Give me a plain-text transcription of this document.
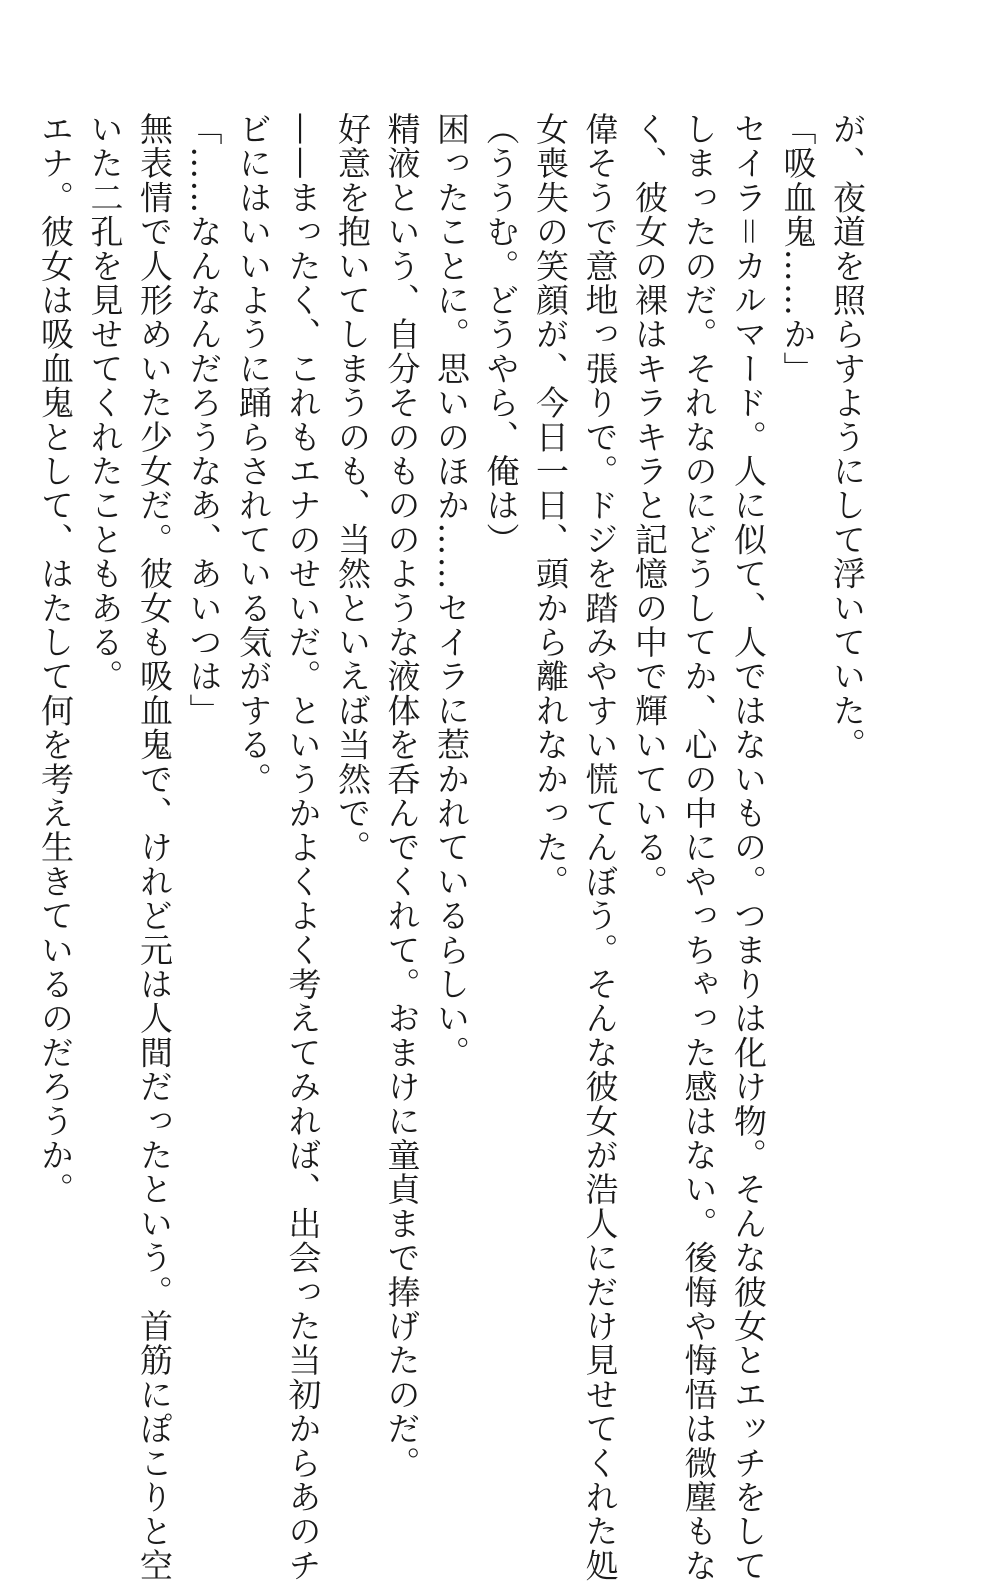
が、夜道を照らすようにして浮いていた。

「吸血鬼……か」

セイラ＝カルマード。人に似て、人ではないもの。つまりは化け物。そんな彼女とエッチをして

しまったのだ。それなのにどうしてか、心の中にやっちゃった感はない。後悔や悔悟は微塵もな

く、彼女の裸はキラキラと記憶の中で輝いている。

偉そうで意地っ張りで。ドジを踏みやすい慌てんぼう。そんな彼女が浩人にだけ見せてくれた処

女喪失の笑顔が、今日一日、頭から離れなかった。

（ううむ。どうやら、俺は）

困ったことに。思いのほか……セイラに惹かれているらしい。

精液という、自分そのもののような液体を呑んでくれて。おまけに童貞まで捧げたのだ。

好意を抱いてしまうのも、当然といえば当然で。

——まったく、これもエナのせいだ。というかよくよく考えてみれば、出会った当初からあのチ

ビにはいいように踊らされている気がする。

「……なんなんだろうなあ、あいつは」

無表情で人形めいた少女だ。彼女も吸血鬼で、けれど元は人間だったという。首筋にぽこりと空

いた二孔を見せてくれたこともある。

エナ。彼女は吸血鬼として、はたして何を考え生きているのだろうか。
